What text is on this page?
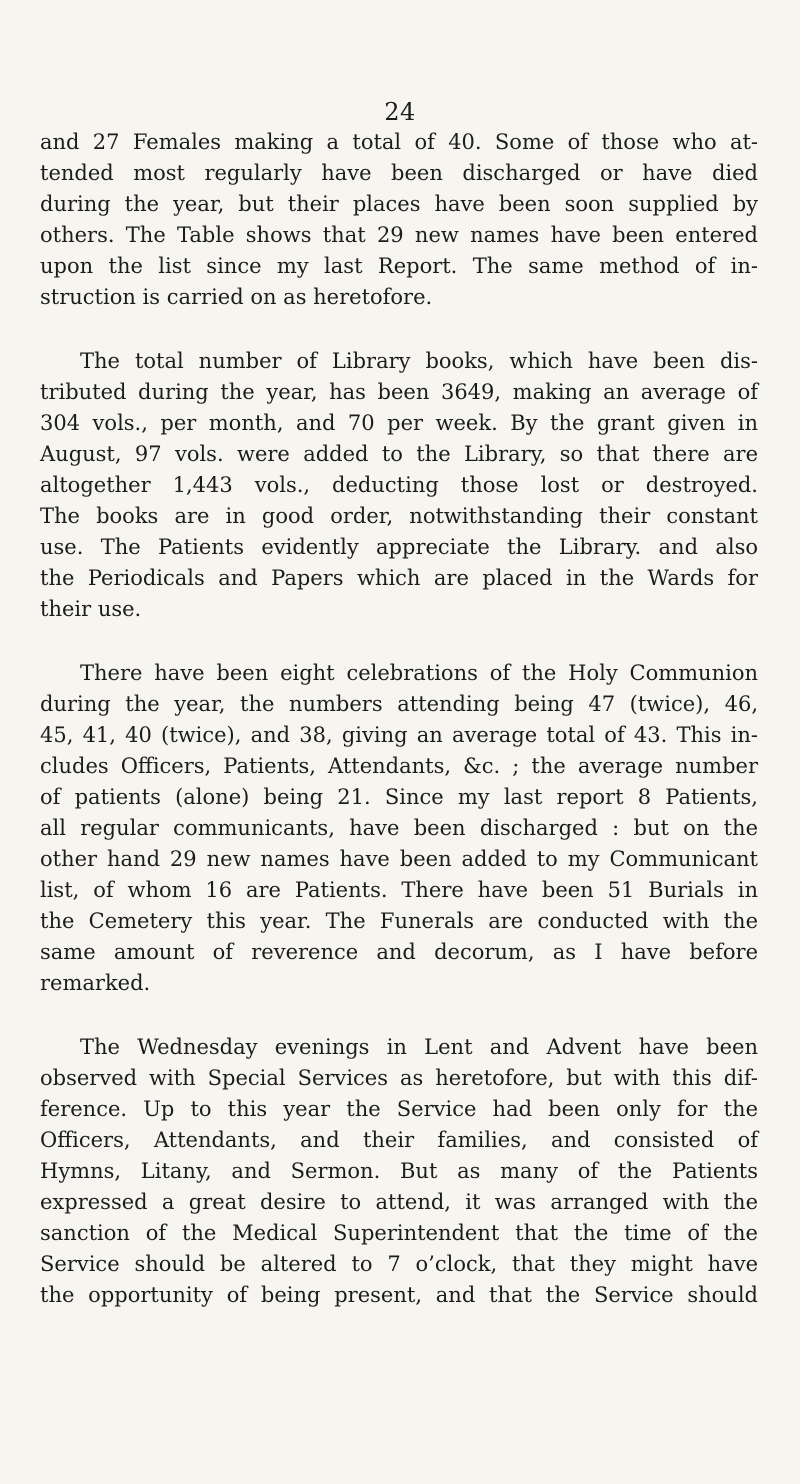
24
and 27 Females making a total of 40. Some of those who at-
tended most regularly have been discharged or have died
during the year, but their places have been soon supplied by
others. The Table shows that 29 new names have been entered
upon the list since my last Report. The same method of in-
struction is carried on as heretofore.
The total number of Library books, which have been dis-
tributed during the year, has been 3649, making an average of
304 vols., per month, and 70 per week. By the grant given in
August, 97 vols. were added to the Library, so that there are
altogether 1,443 vols., deducting those lost or destroyed.
The books are in good order, notwithstanding their constant
use. The Patients evidently appreciate the Library. and also
the Periodicals and Papers which are placed in the Wards for
their use.
There have been eight celebrations of the Holy Communion
during the year, the numbers attending being 47 (twice), 46,
45, 41, 40 (twice), and 38, giving an average total of 43. This in-
cludes Officers, Patients, Attendants, &c. ; the average number
of patients (alone) being 21. Since my last report 8 Patients,
all regular communicants, have been discharged : but on the
other hand 29 new names have been added to my Communicant
list, of whom 16 are Patients. There have been 51 Burials in
the Cemetery this year. The Funerals are conducted with the
same amount of reverence and decorum, as I have before
remarked.
The Wednesday evenings in Lent and Advent have been
observed with Special Services as heretofore, but with this dif-
ference. Up to this year the Service had been only for the
Officers, Attendants, and their families, and consisted of
Hymns, Litany, and Sermon. But as many of the Patients
expressed a great desire to attend, it was arranged with the
sanction of the Medical Superintendent that the time of the
Service should be altered to 7 o’clock, that they might have
the opportunity of being present, and that the Service should
